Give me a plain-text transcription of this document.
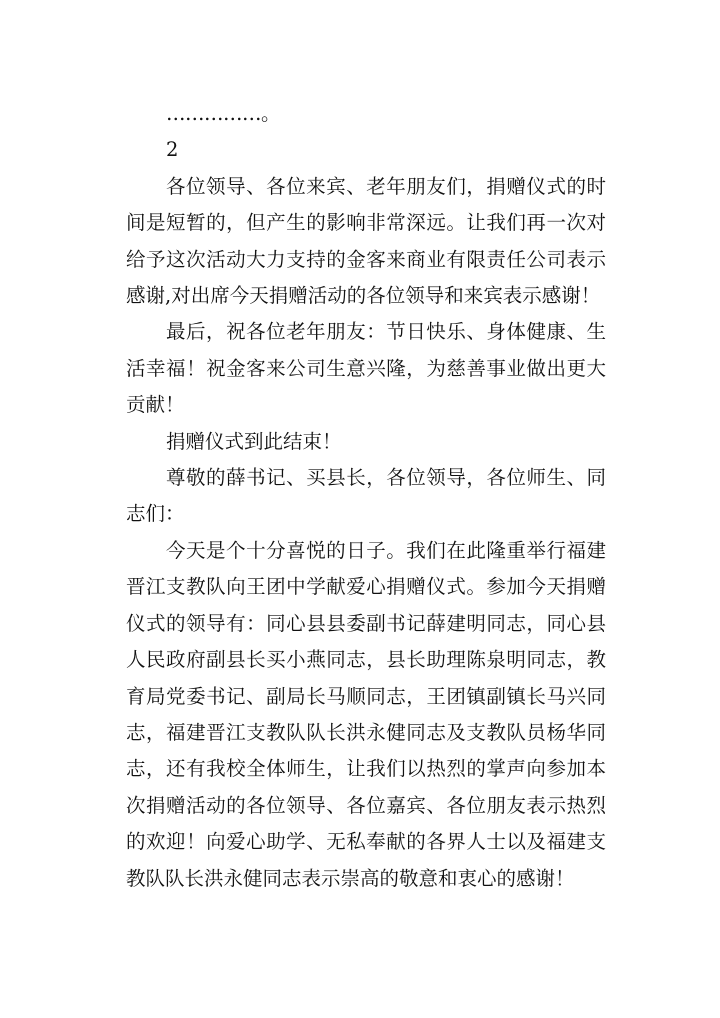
……………。

2

各位领导、各位来宾、老年朋友们，捐赠仪式的时间是短暂的，但产生的影响非常深远。让我们再一次对给予这次活动大力支持的金客来商业有限责任公司表示感谢,对出席今天捐赠活动的各位领导和来宾表示感谢！

最后，祝各位老年朋友：节日快乐、身体健康、生活幸福！祝金客来公司生意兴隆，为慈善事业做出更大贡献！

捐赠仪式到此结束！

尊敬的薛书记、买县长，各位领导，各位师生、同志们：

今天是个十分喜悦的日子。我们在此隆重举行福建晋江支教队向王团中学献爱心捐赠仪式。参加今天捐赠仪式的领导有：同心县县委副书记薛建明同志，同心县人民政府副县长买小燕同志，县长助理陈泉明同志，教育局党委书记、副局长马顺同志，王团镇副镇长马兴同志，福建晋江支教队队长洪永健同志及支教队员杨华同志，还有我校全体师生，让我们以热烈的掌声向参加本次捐赠活动的各位领导、各位嘉宾、各位朋友表示热烈的欢迎！向爱心助学、无私奉献的各界人士以及福建支教队队长洪永健同志表示崇高的敬意和衷心的感谢！
